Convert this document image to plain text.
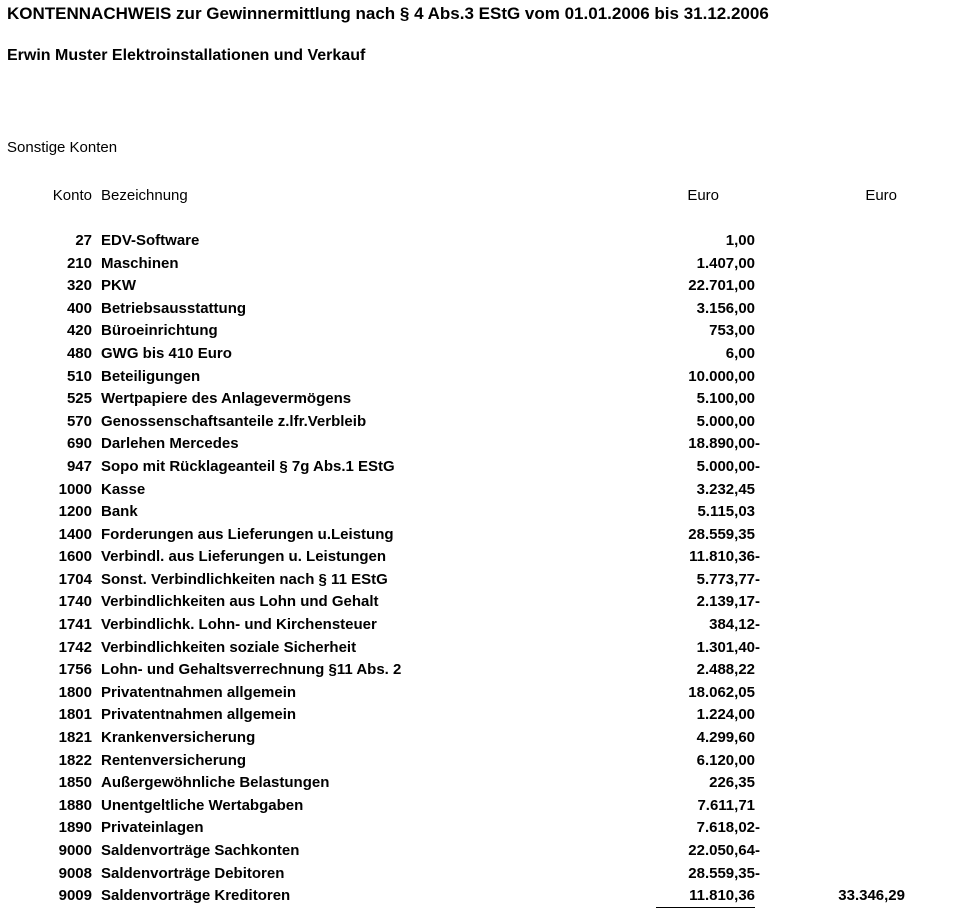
KONTENNACHWEIS zur Gewinnermittlung nach § 4 Abs.3 EStG vom 01.01.2006 bis 31.12.2006
Erwin Muster Elektroinstallationen und Verkauf
Sonstige Konten
Konto Bezeichnung	Euro	Euro
27 EDV-Software	1,00
210 Maschinen	1.407,00
320 PKW	22.701,00
400 Betriebsausstattung	3.156,00
420 Büroeinrichtung	753,00
480 GWG bis 410 Euro	6,00
510 Beteiligungen	10.000,00
525 Wertpapiere des Anlagevermögens	5.100,00
570 Genossenschaftsanteile z.lfr.Verbleib	5.000,00
690 Darlehen Mercedes	18.890,00 -
947 Sopo mit Rücklageanteil § 7g Abs.1 EStG	5.000,00 -
1000 Kasse	3.232,45
1200 Bank	5.115,03
1400 Forderungen aus Lieferungen u.Leistung	28.559,35
1600 Verbindl. aus Lieferungen u. Leistungen	11.810,36 -
1704 Sonst. Verbindlichkeiten nach § 11 EStG	5.773,77 -
1740 Verbindlichkeiten aus Lohn und Gehalt	2.139,17 -
1741 Verbindlichk. Lohn- und Kirchensteuer	384,12 -
1742 Verbindlichkeiten soziale Sicherheit	1.301,40 -
1756 Lohn- und Gehaltsverrechnung §11 Abs. 2	2.488,22
1800 Privatentnahmen allgemein	18.062,05
1801 Privatentnahmen allgemein	1.224,00
1821 Krankenversicherung	4.299,60
1822 Rentenversicherung	6.120,00
1850 Außergewöhnliche Belastungen	226,35
1880 Unentgeltliche Wertabgaben	7.611,71
1890 Privateinlagen	7.618,02 -
9000 Saldenvorträge Sachkonten	22.050,64 -
9008 Saldenvorträge Debitoren	28.559,35 -
9009 Saldenvorträge Kreditoren	11.810,36	33.346,29
